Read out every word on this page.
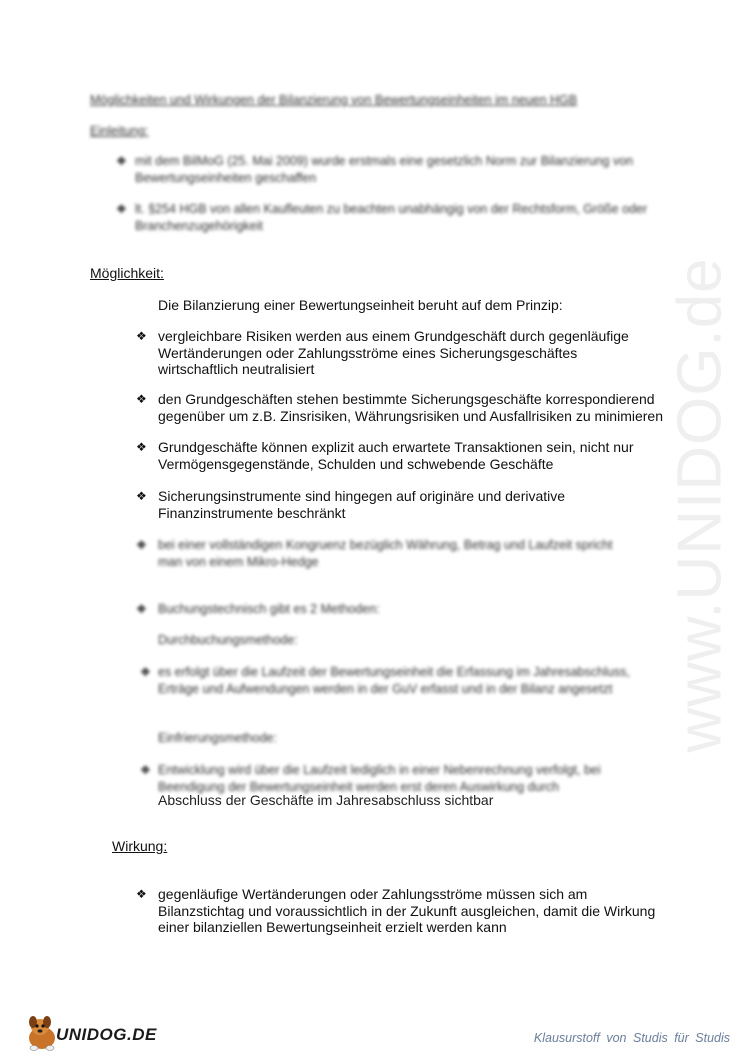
www.UNIDOG.de
Möglichkeiten und Wirkungen der Bilanzierung von Bewertungseinheiten im neuen HGB
Einleitung:
❖ mit dem BilMoG (25. Mai 2009) wurde erstmals eine gesetzlich Norm zur Bilanzierung von Bewertungseinheiten geschaffen
❖ lt. §254 HGB von allen Kaufleuten zu beachten unabhängig von der Rechtsform, Größe oder Branchenzugehörigkeit
Möglichkeit:
Die Bilanzierung einer Bewertungseinheit beruht auf dem Prinzip:
❖ vergleichbare Risiken werden aus einem Grundgeschäft durch gegenläufige Wertänderungen oder Zahlungsströme eines Sicherungsgeschäftes wirtschaftlich neutralisiert
❖ den Grundgeschäften stehen bestimmte Sicherungsgeschäfte korrespondierend gegenüber um z.B. Zinsrisiken, Währungsrisiken und Ausfallrisiken zu minimieren
❖ Grundgeschäfte können explizit auch erwartete Transaktionen sein, nicht nur Vermögensgegenstände, Schulden und schwebende Geschäfte
❖ Sicherungsinstrumente sind hingegen auf originäre und derivative Finanzinstrumente beschränkt
❖ bei einer vollständigen Kongruenz bezüglich Währung, Betrag und Laufzeit spricht man von einem Mikro-Hedge
❖ Buchungstechnisch gibt es 2 Methoden:
Durchbuchungsmethode:
❖ es erfolgt über die Laufzeit der Bewertungseinheit die Erfassung im Jahresabschluss, Erträge und Aufwendungen werden in der GuV erfasst und in der Bilanz angesetzt
Einfrierungsmethode:
❖ Entwicklung wird über die Laufzeit lediglich in einer Nebenrechnung verfolgt, bei Beendigung der Bewertungseinheit werden erst deren Auswirkung durch
Abschluss der Geschäfte im Jahresabschluss sichtbar
Wirkung:
❖ gegenläufige Wertänderungen oder Zahlungsströme müssen sich am Bilanzstichtag und voraussichtlich in der Zukunft ausgleichen, damit die Wirkung einer bilanziellen Bewertungseinheit erzielt werden kann
UNIDOG.DE	Klausurstoff von Studis für Studis
